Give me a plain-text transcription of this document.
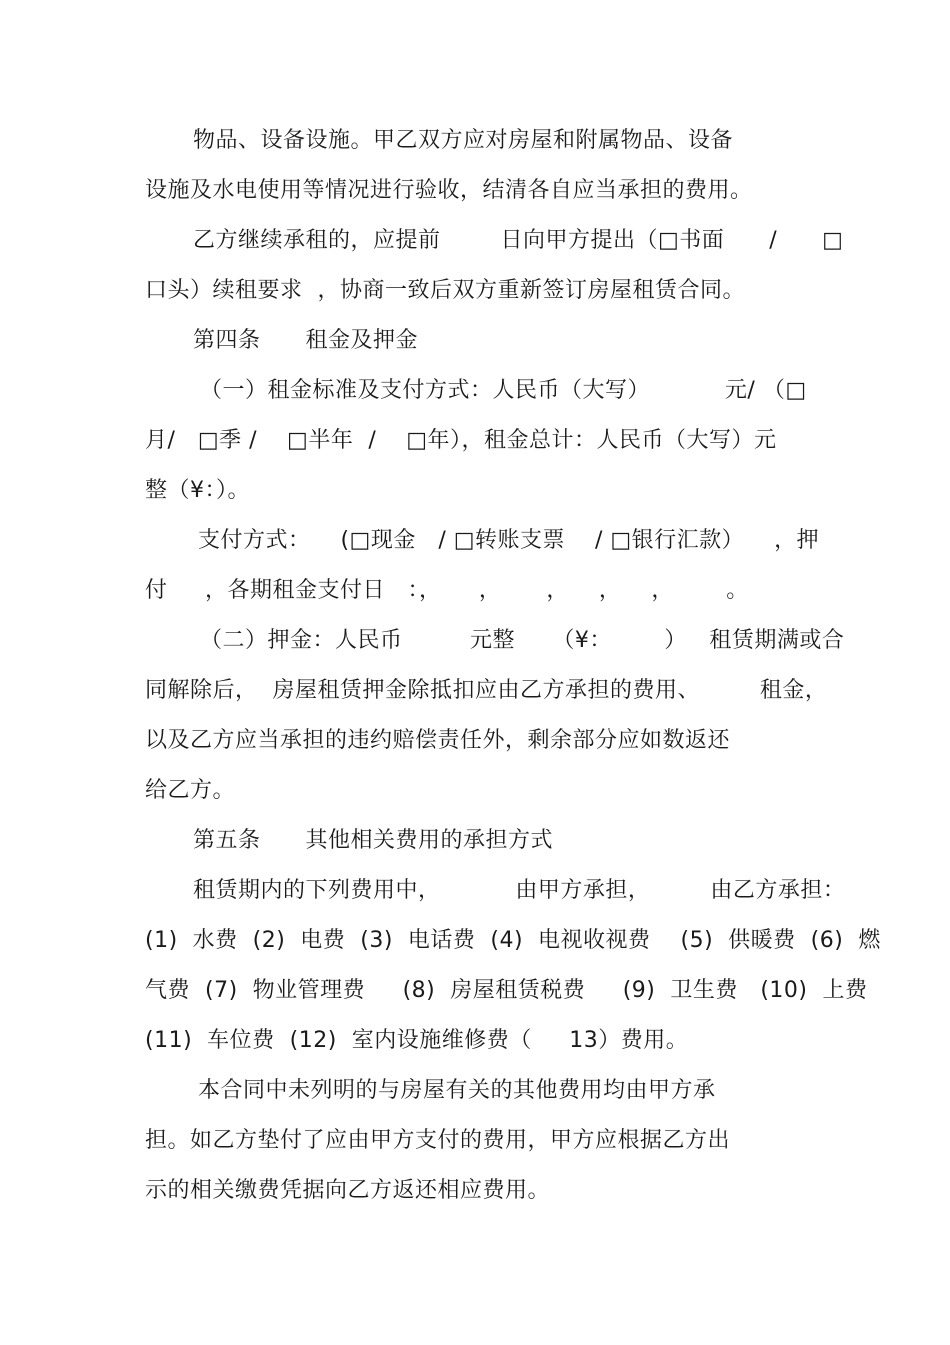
物品、设备设施。甲乙双方应对房屋和附属物品、设备
设施及水电使用等情况进行验收，结清各自应当承担的费用。
乙方继续承租的，应提前        日向甲方提出（□书面      /      □
口头）续租要求  ，协商一致后双方重新签订房屋租赁合同。
第四条      租金及押金
（一）租金标准及支付方式：人民币（大写）          元/ （□
月/   □季 /    □半年  /    □年），租金总计：人民币（大写）元
整（¥：）。
支付方式：    (□现金   / □转账支票    / □银行汇款）    ，押
付     ，各期租金支付日   ：，     ，      ，    ，    ，       。
（二）押金：人民币         元整     （¥：       ）   租赁期满或合
同解除后，  房屋租赁押金除抵扣应由乙方承担的费用、        租金，
以及乙方应当承担的违约赔偿责任外，剩余部分应如数返还
给乙方。
第五条      其他相关费用的承担方式
租赁期内的下列费用中，          由甲方承担，        由乙方承担：
(1)  水费  (2)  电费  (3)  电话费  (4)  电视收视费    (5)  供暖费  (6)  燃
气费  (7)  物业管理费     (8)  房屋租赁税费     (9)  卫生费   (10)  上费
(11)  车位费  (12)  室内设施维修费（     13）费用。
本合同中未列明的与房屋有关的其他费用均由甲方承
担。如乙方垫付了应由甲方支付的费用，甲方应根据乙方出
示的相关缴费凭据向乙方返还相应费用。
